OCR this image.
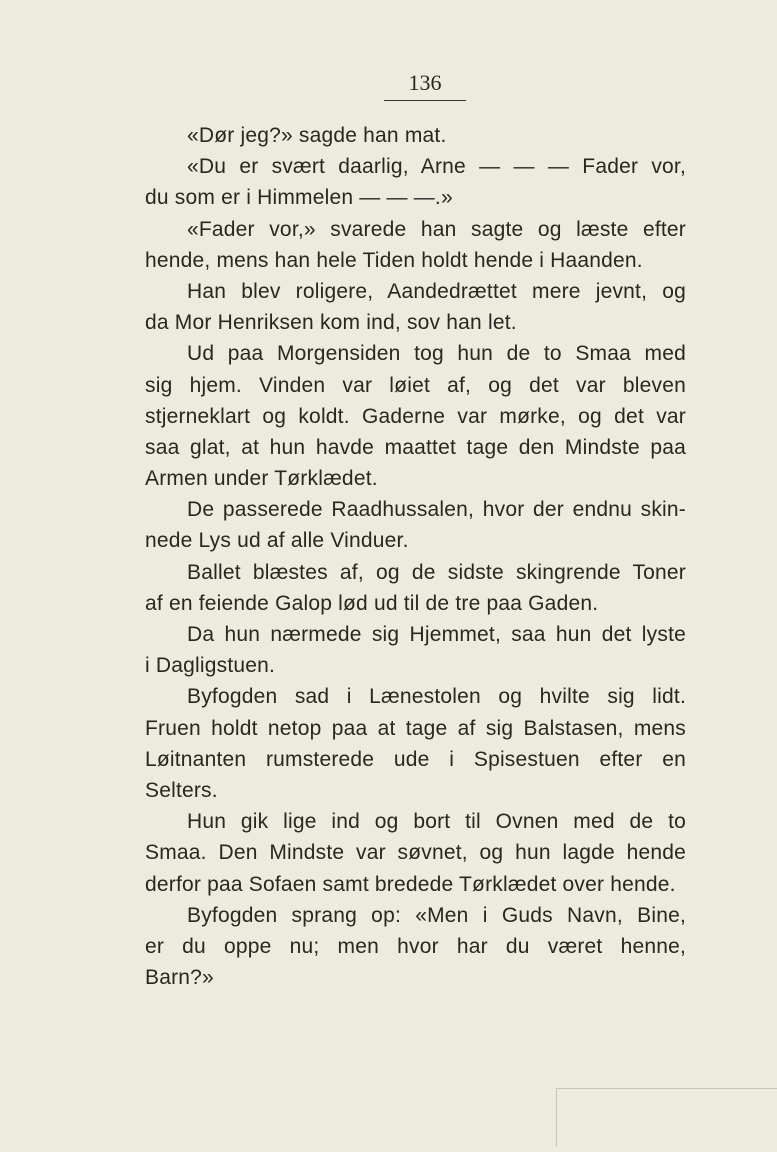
136
«Dør jeg?» sagde han mat.
«Du er svært daarlig, Arne — — — Fader vor,
du som er i Himmelen — — —.»
«Fader vor,» svarede han sagte og læste efter
hende, mens han hele Tiden holdt hende i Haanden.
Han blev roligere, Aandedrættet mere jevnt, og
da Mor Henriksen kom ind, sov han let.
Ud paa Morgensiden tog hun de to Smaa med
sig hjem. Vinden var løiet af, og det var bleven
stjerneklart og koldt. Gaderne var mørke, og det var
saa glat, at hun havde maattet tage den Mindste paa
Armen under Tørklædet.
De passerede Raadhussalen, hvor der endnu skin-
nede Lys ud af alle Vinduer.
Ballet blæstes af, og de sidste skingrende Toner
af en feiende Galop lød ud til de tre paa Gaden.
Da hun nærmede sig Hjemmet, saa hun det lyste
i Dagligstuen.
Byfogden sad i Lænestolen og hvilte sig lidt.
Fruen holdt netop paa at tage af sig Balstasen, mens
Løitnanten rumsterede ude i Spisestuen efter en
Selters.
Hun gik lige ind og bort til Ovnen med de to
Smaa. Den Mindste var søvnet, og hun lagde hende
derfor paa Sofaen samt bredede Tørklædet over hende.
Byfogden sprang op: «Men i Guds Navn, Bine,
er du oppe nu; men hvor har du været henne,
Barn?»
